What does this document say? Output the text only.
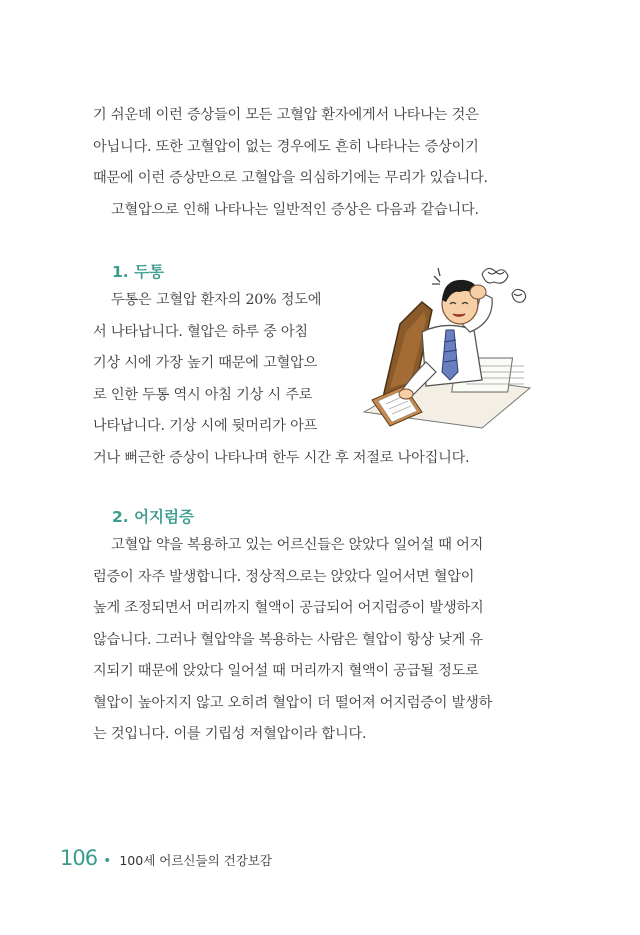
기 쉬운데 이런 증상들이 모든 고혈압 환자에게서 나타나는 것은
아닙니다. 또한 고혈압이 없는 경우에도 흔히 나타나는 증상이기
때문에 이런 증상만으로 고혈압을 의심하기에는 무리가 있습니다.
고혈압으로 인해 나타나는 일반적인 증상은 다음과 같습니다.
1. 두통
두통은 고혈압 환자의 20% 정도에
서 나타납니다. 혈압은 하루 중 아침
기상 시에 가장 높기 때문에 고혈압으
로 인한 두통 역시 아침 기상 시 주로
나타납니다. 기상 시에 뒷머리가 아프
거나 뻐근한 증상이 나타나며 한두 시간 후 저절로 나아집니다.
2. 어지럼증
고혈압 약을 복용하고 있는 어르신들은 앉았다 일어설 때 어지
럼증이 자주 발생합니다. 정상적으로는 앉았다 일어서면 혈압이
높게 조정되면서 머리까지 혈액이 공급되어 어지럼증이 발생하지
않습니다. 그러나 혈압약을 복용하는 사람은 혈압이 항상 낮게 유
지되기 때문에 앉았다 일어설 때 머리까지 혈액이 공급될 정도로
혈압이 높아지지 않고 오히려 혈압이 더 떨어져 어지럼증이 발생하
는 것입니다. 이를 기립성 저혈압이라 합니다.
106 • 100세 어르신들의 건강보감
